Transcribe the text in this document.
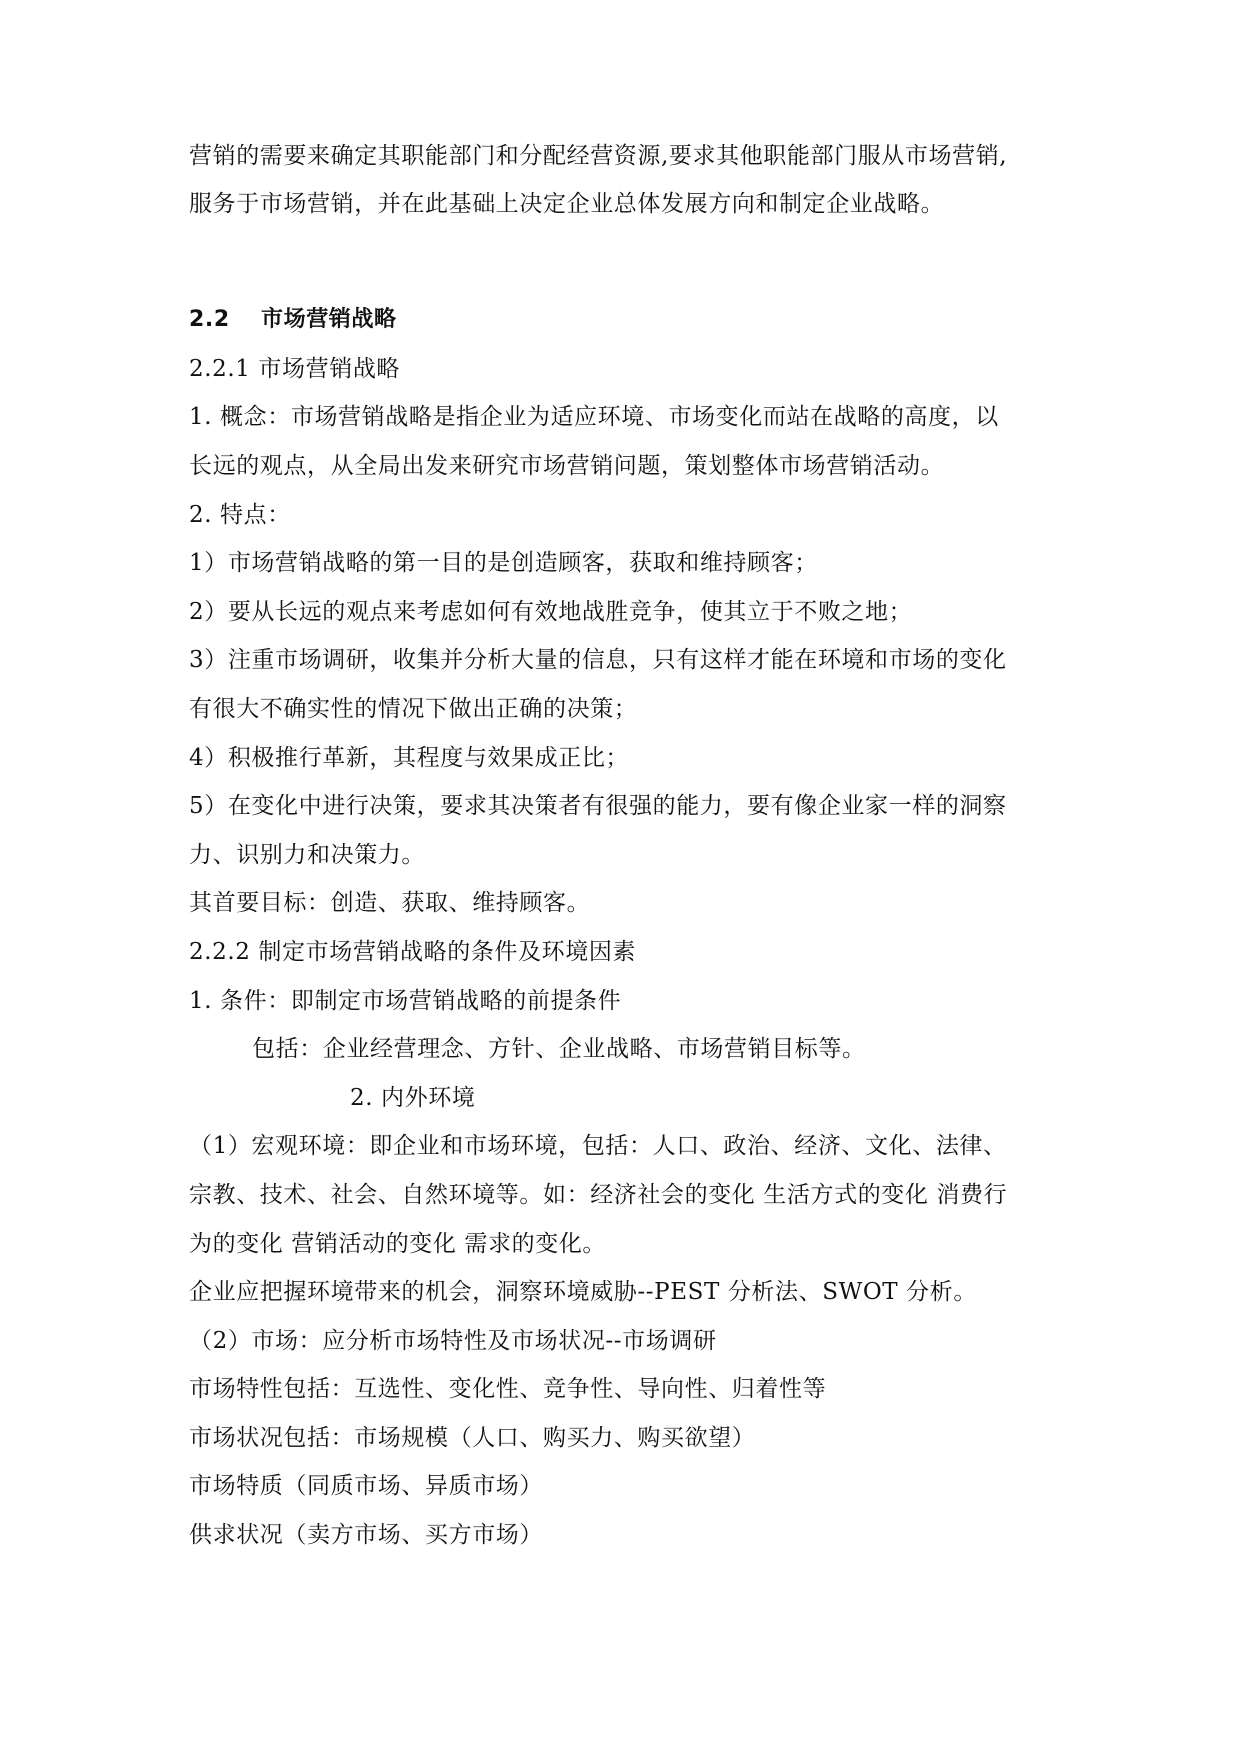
营销的需要来确定其职能部门和分配经营资源,要求其他职能部门服从市场营销,
服务于市场营销，并在此基础上决定企业总体发展方向和制定企业战略。
2.2 市场营销战略
2.2.1 市场营销战略
1. 概念：市场营销战略是指企业为适应环境、市场变化而站在战略的高度，以
长远的观点，从全局出发来研究市场营销问题，策划整体市场营销活动。
2. 特点：
1）市场营销战略的第一目的是创造顾客，获取和维持顾客；
2）要从长远的观点来考虑如何有效地战胜竞争，使其立于不败之地；
3）注重市场调研，收集并分析大量的信息，只有这样才能在环境和市场的变化
有很大不确实性的情况下做出正确的决策；
4）积极推行革新，其程度与效果成正比；
5）在变化中进行决策，要求其决策者有很强的能力，要有像企业家一样的洞察
力、识别力和决策力。
其首要目标：创造、获取、维持顾客。
2.2.2 制定市场营销战略的条件及环境因素
1. 条件：即制定市场营销战略的前提条件
包括：企业经营理念、方针、企业战略、市场营销目标等。
2. 内外环境
（1）宏观环境：即企业和市场环境，包括：人口、政治、经济、文化、法律、
宗教、技术、社会、自然环境等。如：经济社会的变化 生活方式的变化 消费行
为的变化 营销活动的变化 需求的变化。
企业应把握环境带来的机会，洞察环境威胁--PEST 分析法、SWOT 分析。
（2）市场：应分析市场特性及市场状况--市场调研
市场特性包括：互选性、变化性、竞争性、导向性、归着性等
市场状况包括：市场规模（人口、购买力、购买欲望）
市场特质（同质市场、异质市场）
供求状况（卖方市场、买方市场）
